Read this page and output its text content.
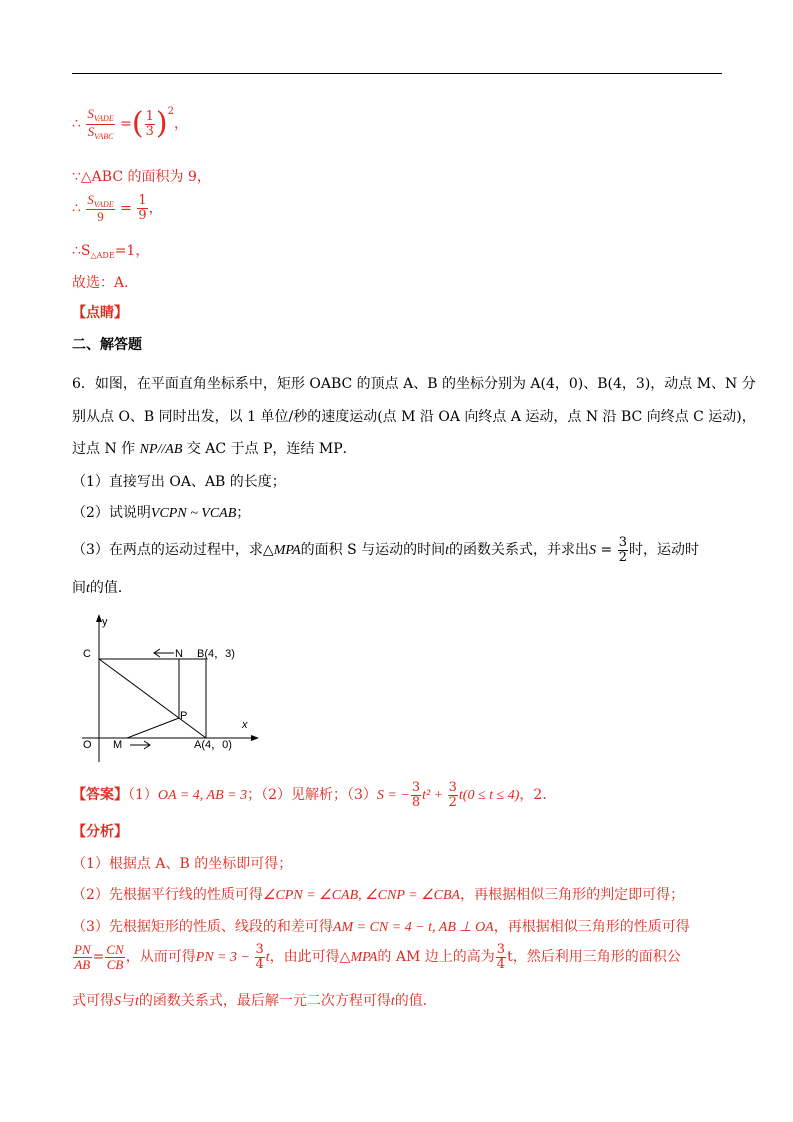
∴ $\frac{S_{VADE}}{S_{VABC}}$ =( $\frac{1}{3} )^2$，
∵△ABC 的面积为 9，
∴ $\frac{S_{VADE}}{9} = \frac{1}{9}$ ，
$\therefore S_{\triangle ADE}=1$，
故选：A．
【点睛】
二、解答题
6．如图，在平面直角坐标系中，矩形 OABC 的顶点 A、B 的坐标分别为 A(4，0)、B(4，3)，动点 M、N 分
别从点 O、B 同时出发，以 1 单位/秒的速度运动(点 M 沿 OA 向终点 A 运动，点 N 沿 BC 向终点 C 运动)，
过点 N 作 NP//AB 交 AC 于点 P，连结 MP．
（1）直接写出 OA、AB 的长度；
（2）试说明VCPN ~ VCAB；
（3）在两点的运动过程中，求△MPA的面积 S 与运动的时间t的函数关系式，并求出$S = \frac{3}{2}$ 时，运动时
间t的值．
y
x
C	N B(4，3)
P
O M	A(4，0)
【答案】（1）OA = 4, AB = 3；（2）见解析；（3）S = − $\frac{3}{8} t^2 + \frac{3}{2} t(0 \le t \le 4)$，2．
【分析】
（1）根据点 A、B 的坐标即可得；
（2）先根据平行线的性质可得∠CPN = ∠CAB, ∠CNP = ∠CBA，再根据相似三角形的判定即可得；
（3）先根据矩形的性质、线段的和差可得AM = CN = 4 − t, AB ⊥ OA，再根据相似三角形的性质可得
$\frac{PN}{AB} = \frac{CN}{CB}$ ，从而可得PN = $3 - \frac{3}{4}$ t，由此可得△MPA的 AM 边上的高为 $\frac{3}{4}$ t，然后利用三角形的面积公
式可得S与t的函数关系式，最后解一元二次方程可得t的值．
